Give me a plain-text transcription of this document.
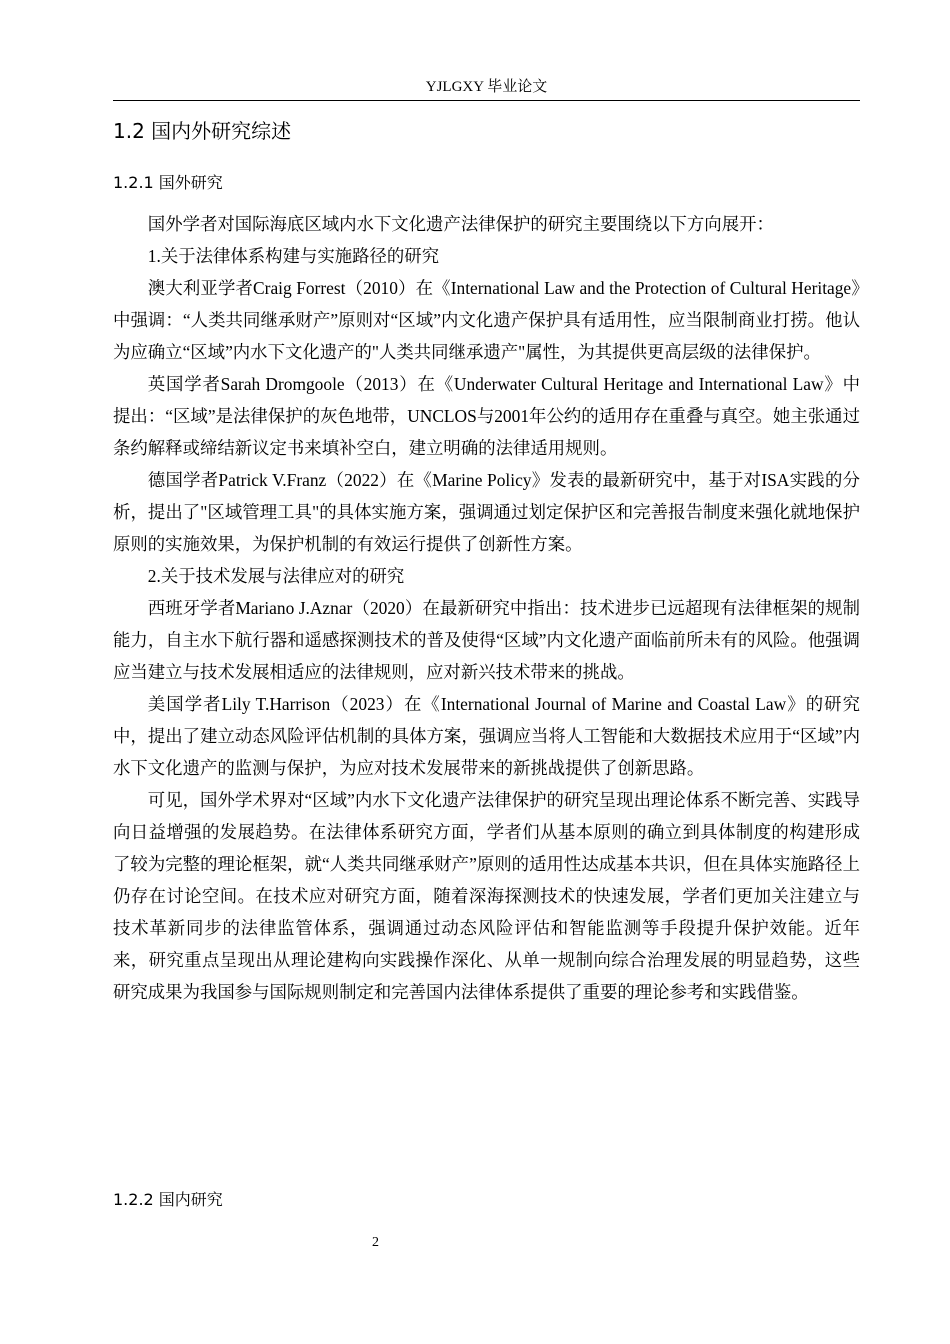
YJLGXY 毕业论文
1.2 国内外研究综述
1.2.1 国外研究

国外学者对国际海底区域内水下文化遗产法律保护的研究主要围绕以下方向展开：

1.关于法律体系构建与实施路径的研究

澳大利亚学者Craig Forrest（2010）在《International Law and the Protection of Cultural Heritage》中强调：“人类共同继承财产”原则对“区域”内文化遗产保护具有适用性，应当限制商业打捞。他认为应确立“区域”内水下文化遗产的"人类共同继承遗产"属性，为其提供更高层级的法律保护。

英国学者Sarah Dromgoole（2013）在《Underwater Cultural Heritage and International Law》中提出：“区域”是法律保护的灰色地带，UNCLOS与2001年公约的适用存在重叠与真空。她主张通过条约解释或缔结新议定书来填补空白，建立明确的法律适用规则。

德国学者Patrick V.Franz（2022）在《Marine Policy》发表的最新研究中，基于对ISA实践的分析，提出了"区域管理工具"的具体实施方案，强调通过划定保护区和完善报告制度来强化就地保护原则的实施效果，为保护机制的有效运行提供了创新性方案。

2.关于技术发展与法律应对的研究

西班牙学者Mariano J.Aznar（2020）在最新研究中指出：技术进步已远超现有法律框架的规制能力，自主水下航行器和遥感探测技术的普及使得“区域”内文化遗产面临前所未有的风险。他强调应当建立与技术发展相适应的法律规则，应对新兴技术带来的挑战。

美国学者Lily T.Harrison（2023）在《International Journal of Marine and Coastal Law》的研究中，提出了建立动态风险评估机制的具体方案，强调应当将人工智能和大数据技术应用于“区域”内水下文化遗产的监测与保护，为应对技术发展带来的新挑战提供了创新思路。

可见，国外学术界对“区域”内水下文化遗产法律保护的研究呈现出理论体系不断完善、实践导向日益增强的发展趋势。在法律体系研究方面，学者们从基本原则的确立到具体制度的构建形成了较为完整的理论框架，就“人类共同继承财产”原则的适用性达成基本共识，但在具体实施路径上仍存在讨论空间。在技术应对研究方面，随着深海探测技术的快速发展，学者们更加关注建立与技术革新同步的法律监管体系，强调通过动态风险评估和智能监测等手段提升保护效能。近年来，研究重点呈现出从理论建构向实践操作深化、从单一规制向综合治理发展的明显趋势，这些研究成果为我国参与国际规则制定和完善国内法律体系提供了重要的理论参考和实践借鉴。

1.2.2 国内研究
2
